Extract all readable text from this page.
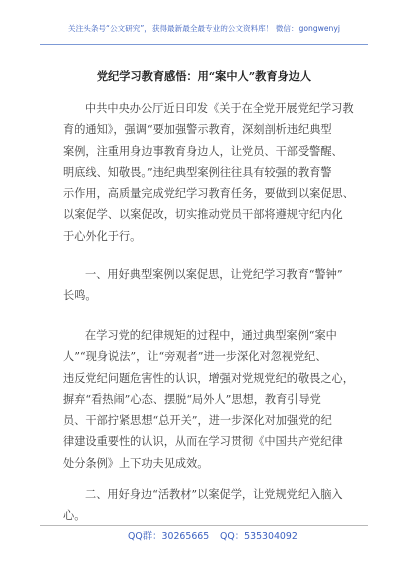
关注头条号“公文研究”，获得最新最全最专业的公文资料库！ 微信：gongwenyj
党纪学习教育感悟：用“案中人”教育身边人
中共中央办公厅近日印发《关于在全党开展党纪学习教
育的通知》，强调“要加强警示教育，深刻剖析违纪典型
案例，注重用身边事教育身边人，让党员、干部受警醒、
明底线、知敬畏。”违纪典型案例往往具有较强的教育警
示作用，高质量完成党纪学习教育任务，要做到以案促思、
以案促学、以案促改，切实推动党员干部将遵规守纪内化
于心外化于行。
一、用好典型案例以案促思，让党纪学习教育“警钟”
长鸣。
在学习党的纪律规矩的过程中，通过典型案例“案中
人”“现身说法”，让“旁观者”进一步深化对忽视党纪、
违反党纪问题危害性的认识，增强对党规党纪的敬畏之心，
摒弃“看热闹”心态、摆脱“局外人”思想，教育引导党
员、干部拧紧思想“总开关”，进一步深化对加强党的纪
律建设重要性的认识，从而在学习贯彻《中国共产党纪律
处分条例》上下功夫见成效。
二、用好身边“活教材”以案促学，让党规党纪入脑入
心。
QQ群：30265665 QQ：535304092
